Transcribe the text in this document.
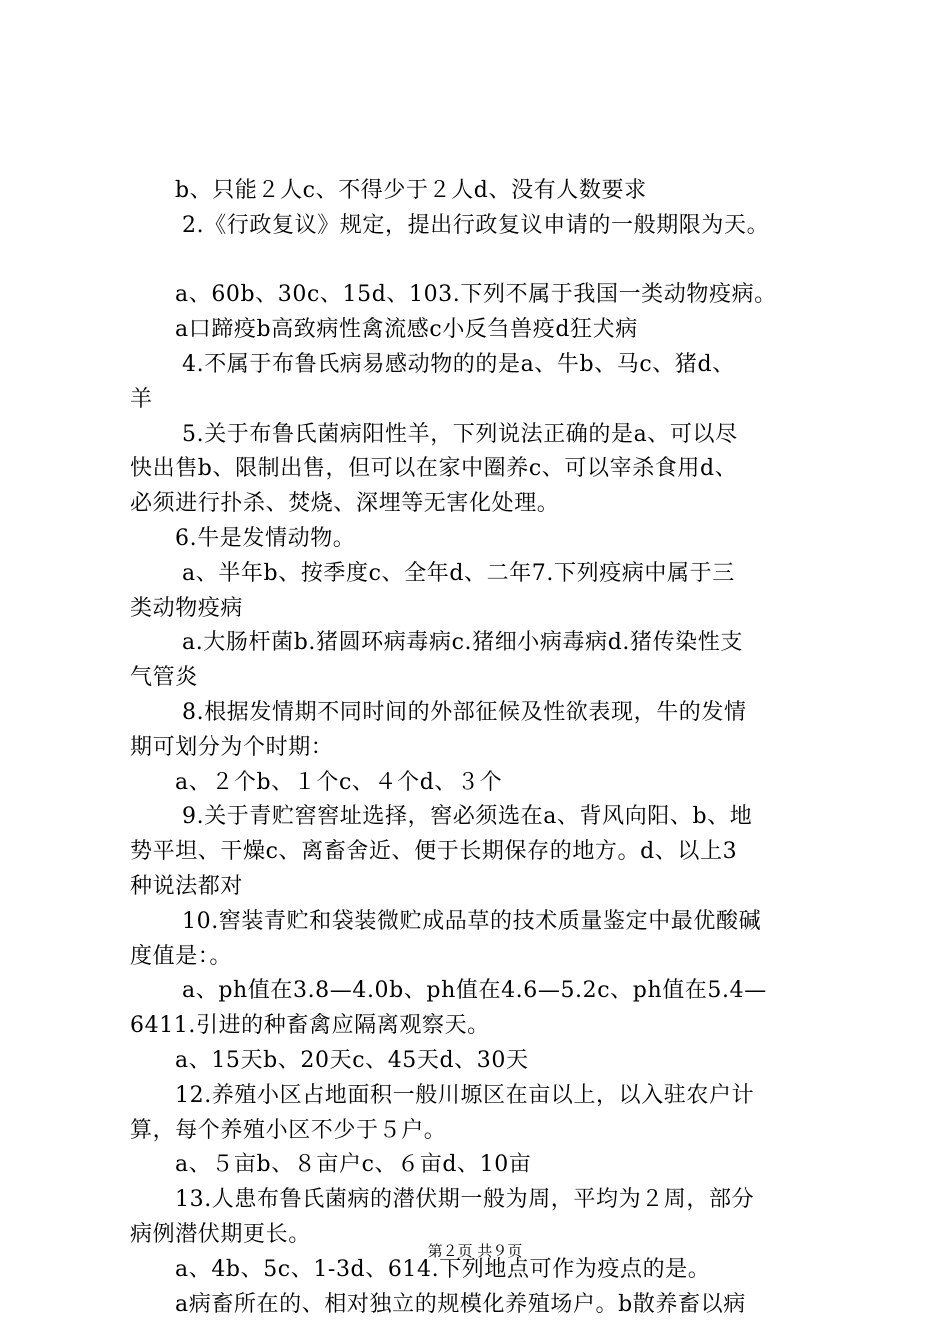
b、只能２人c、不得少于２人d、没有人数要求
2.《行政复议》规定，提出行政复议申请的一般期限为天。
a、60b、30c、15d、103.下列不属于我国一类动物疫病。
a口蹄疫b高致病性禽流感c小反刍兽疫d狂犬病
4.不属于布鲁氏病易感动物的的是a、牛b、马c、猪d、
羊
5.关于布鲁氏菌病阳性羊，下列说法正确的是a、可以尽
快出售b、限制出售，但可以在家中圈养c、可以宰杀食用d、
必须进行扑杀、焚烧、深埋等无害化处理。
6.牛是发情动物。
a、半年b、按季度c、全年d、二年7.下列疫病中属于三
类动物疫病
a.大肠杆菌b.猪圆环病毒病c.猪细小病毒病d.猪传染性支
气管炎
8.根据发情期不同时间的外部征候及性欲表现，牛的发情
期可划分为个时期：
a、２个b、１个c、４个d、３个
9.关于青贮窖窖址选择，窖必须选在a、背风向阳、b、地
势平坦、干燥c、离畜舍近、便于长期保存的地方。d、以上3
种说法都对
10.窖装青贮和袋装微贮成品草的技术质量鉴定中最优酸碱
度值是：。
a、ph值在3.8—4.0b、ph值在4.6—5.2c、ph值在5.4—
6411.引进的种畜禽应隔离观察天。
a、15天b、20天c、45天d、30天
12.养殖小区占地面积一般川塬区在亩以上，以入驻农户计
算，每个养殖小区不少于５户。
a、５亩b、８亩户c、６亩d、10亩
13.人患布鲁氏菌病的潜伏期一般为周，平均为２周，部分
病例潜伏期更长。
a、4b、5c、1-3d、614.下列地点可作为疫点的是。
a病畜所在的、相对独立的规模化养殖场户。b散养畜以病
第２页 共９页
